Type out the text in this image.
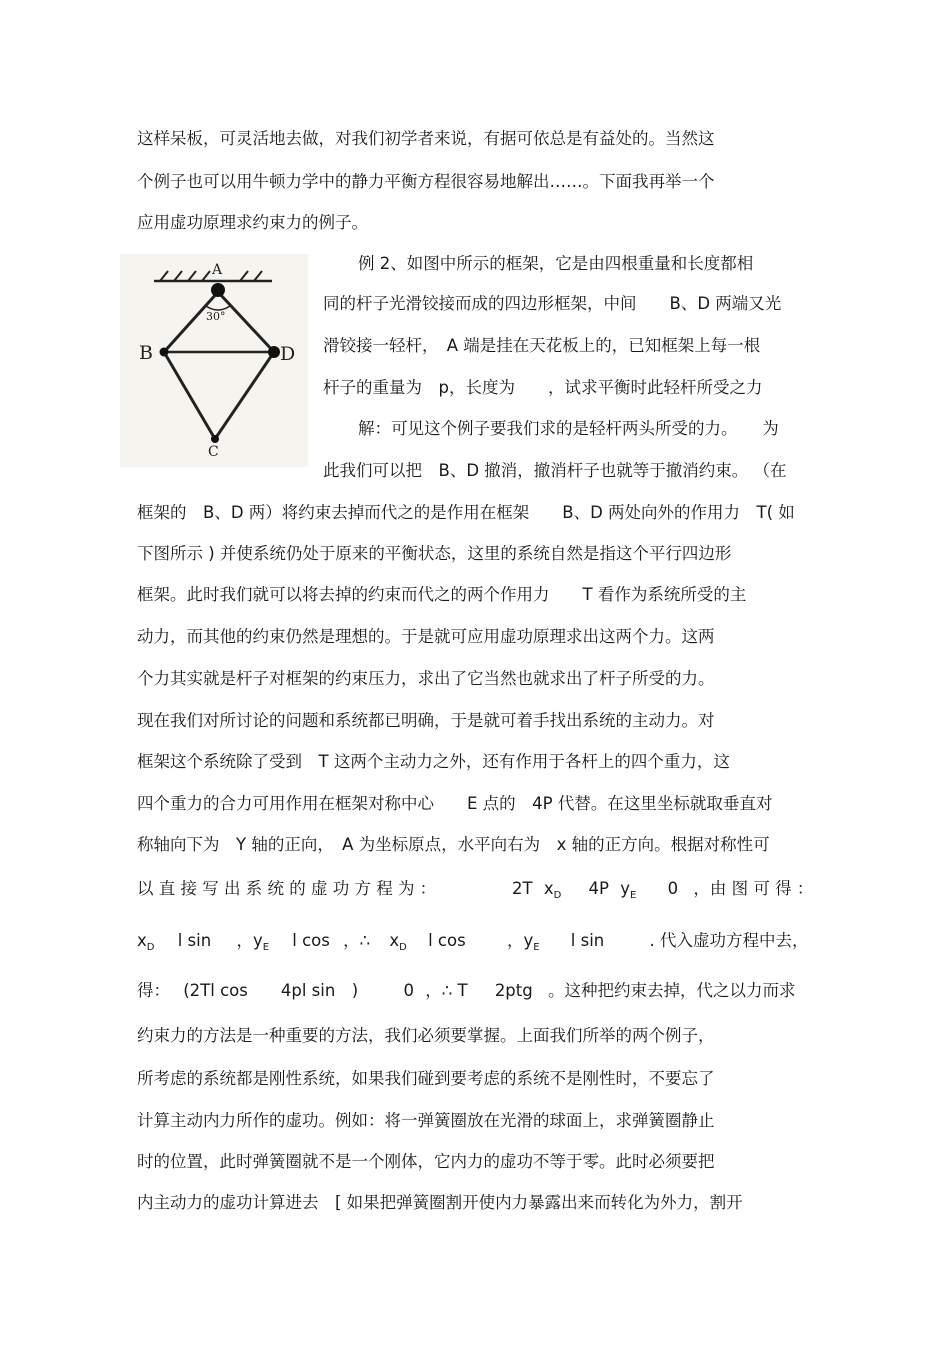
这样呆板，可灵活地去做，对我们初学者来说，有据可依总是有益处的。当然这
个例子也可以用牛顿力学中的静力平衡方程很容易地解出……。下面我再举一个
应用虚功原理求约束力的例子。
30°
A
B	D
C
例 2、如图中所示的框架，它是由四根重量和长度都相
同的杆子光滑铰接而成的四边形框架，中间　　B、D 两端又光
滑铰接一轻杆，　A 端是挂在天花板上的，已知框架上每一根
杆子的重量为　p，长度为　　，试求平衡时此轻杆所受之力
解：可见这个例子要我们求的是轻杆两头所受的力。　　为
此我们可以把　B、D 撤消，撤消杆子也就等于撤消约束。 （在
框架的　B、D 两）将约束去掉而代之的是作用在框架　　B、D 两处向外的作用力　T( 如
下图所示 ) 并使系统仍处于原来的平衡状态，这里的系统自然是指这个平行四边形
框架。此时我们就可以将去掉的约束而代之的两个作用力　　T 看作为系统所受的主
动力，而其他的约束仍然是理想的。于是就可应用虚功原理求出这两个力。这两
个力其实就是杆子对框架的约束压力，求出了它当然也就求出了杆子所受的力。
现在我们对所讨论的问题和系统都已明确，于是就可着手找出系统的主动力。对
框架这个系统除了受到　T 这两个主动力之外，还有作用于各杆上的四个重力，这
四个重力的合力可用作用在框架对称中心　　E 点的　4P 代替。在这里坐标就取垂直对
称轴向下为　Y 轴的正向，　A 为坐标原点，水平向右为　x 轴的正方向。根据对称性可
以 直 接 写 出 系 统 的 虚 功 方 程 为 ：	2T $x_D$ 4P $y_E$ 0 ，由 图 可 得 ：
$x_D$ l sin ，$y_E$ l cos ，∴ $x_D$ l cos	，$y_E$ l sin	. 代入虚功方程中去，
得： (2Tl cos　　4pl sin　)	0 ，∴ T 2ptg 。这种把约束去掉，代之以力而求
约束力的方法是一种重要的方法，我们必须要掌握。上面我们所举的两个例子，
所考虑的系统都是刚性系统，如果我们碰到要考虑的系统不是刚性时，不要忘了
计算主动内力所作的虚功。例如：将一弹簧圈放在光滑的球面上，求弹簧圈静止
时的位置，此时弹簧圈就不是一个刚体，它内力的虚功不等于零。此时必须要把
内主动力的虚功计算进去　[ 如果把弹簧圈割开使内力暴露出来而转化为外力，割开
